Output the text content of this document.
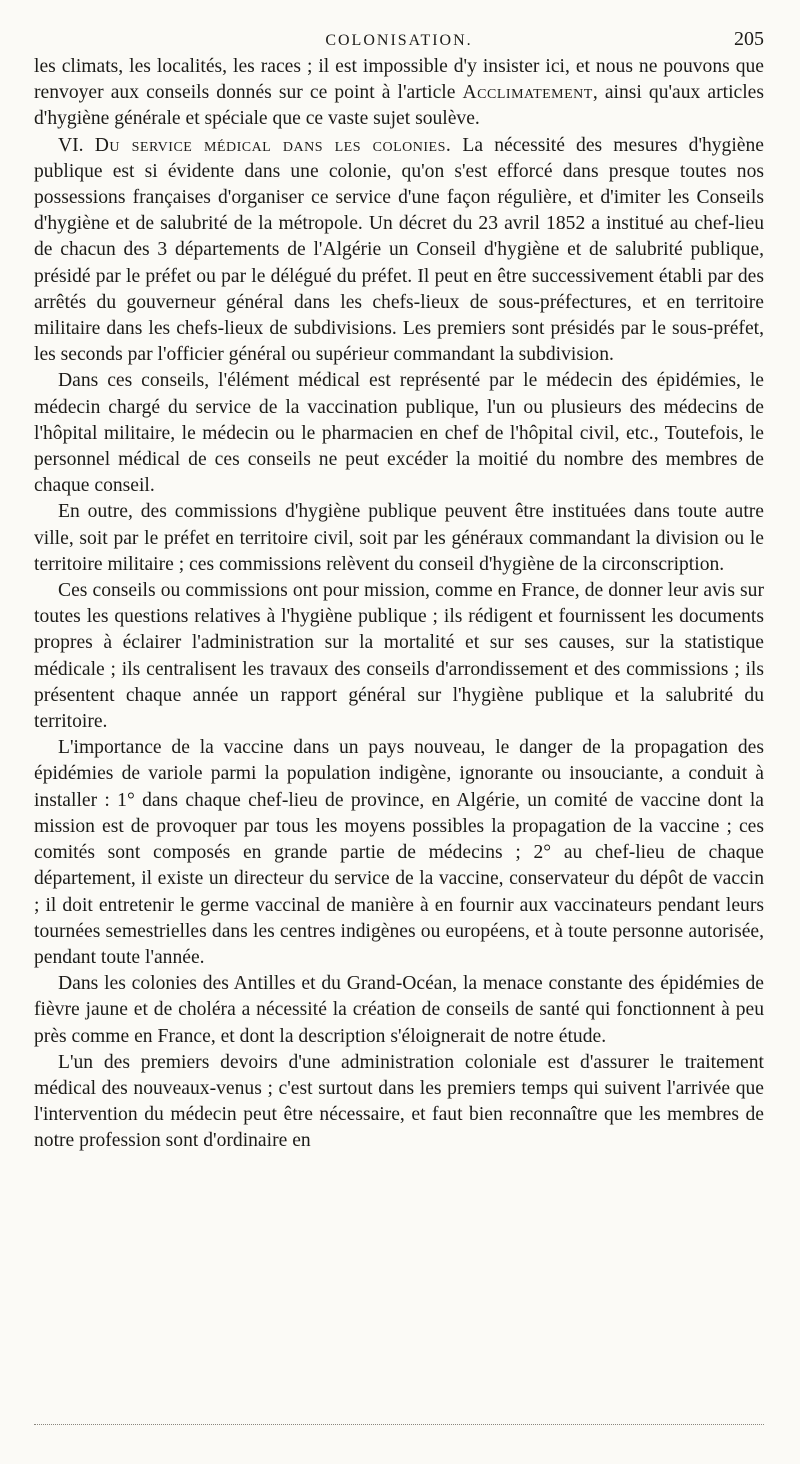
COLONISATION.	205

les climats, les localités, les races ; il est impossible d'y insister ici, et nous ne pouvons que renvoyer aux conseils donnés sur ce point à l'article Acclimatement, ainsi qu'aux articles d'hygiène générale et spéciale que ce vaste sujet soulève.

VI. Du service médical dans les colonies. La nécessité des mesures d'hygiène publique est si évidente dans une colonie, qu'on s'est efforcé dans presque toutes nos possessions françaises d'organiser ce service d'une façon régulière, et d'imiter les Conseils d'hygiène et de salubrité de la métropole. Un décret du 23 avril 1852 a institué au chef-lieu de chacun des 3 départements de l'Algérie un Conseil d'hygiène et de salubrité publique, présidé par le préfet ou par le délégué du préfet. Il peut en être successivement établi par des arrêtés du gouverneur général dans les chefs-lieux de sous-préfectures, et en territoire militaire dans les chefs-lieux de subdivisions. Les premiers sont présidés par le sous-préfet, les seconds par l'officier général ou supérieur commandant la subdivision.

Dans ces conseils, l'élément médical est représenté par le médecin des épidémies, le médecin chargé du service de la vaccination publique, l'un ou plusieurs des médecins de l'hôpital militaire, le médecin ou le pharmacien en chef de l'hôpital civil, etc., Toutefois, le personnel médical de ces conseils ne peut excéder la moitié du nombre des membres de chaque conseil.

En outre, des commissions d'hygiène publique peuvent être instituées dans toute autre ville, soit par le préfet en territoire civil, soit par les généraux commandant la division ou le territoire militaire ; ces commissions relèvent du conseil d'hygiène de la circonscription.

Ces conseils ou commissions ont pour mission, comme en France, de donner leur avis sur toutes les questions relatives à l'hygiène publique ; ils rédigent et fournissent les documents propres à éclairer l'administration sur la mortalité et sur ses causes, sur la statistique médicale ; ils centralisent les travaux des conseils d'arrondissement et des commissions ; ils présentent chaque année un rapport général sur l'hygiène publique et la salubrité du territoire.

L'importance de la vaccine dans un pays nouveau, le danger de la propagation des épidémies de variole parmi la population indigène, ignorante ou insouciante, a conduit à installer : 1° dans chaque chef-lieu de province, en Algérie, un comité de vaccine dont la mission est de provoquer par tous les moyens possibles la propagation de la vaccine ; ces comités sont composés en grande partie de médecins ; 2° au chef-lieu de chaque département, il existe un directeur du service de la vaccine, conservateur du dépôt de vaccin ; il doit entretenir le germe vaccinal de manière à en fournir aux vaccinateurs pendant leurs tournées semestrielles dans les centres indigènes ou européens, et à toute personne autorisée, pendant toute l'année.

Dans les colonies des Antilles et du Grand-Océan, la menace constante des épidémies de fièvre jaune et de choléra a nécessité la création de conseils de santé qui fonctionnent à peu près comme en France, et dont la description s'éloignerait de notre étude.

L'un des premiers devoirs d'une administration coloniale est d'assurer le traitement médical des nouveaux-venus ; c'est surtout dans les premiers temps qui suivent l'arrivée que l'intervention du médecin peut être nécessaire, et faut bien reconnaître que les membres de notre profession sont d'ordinaire en
